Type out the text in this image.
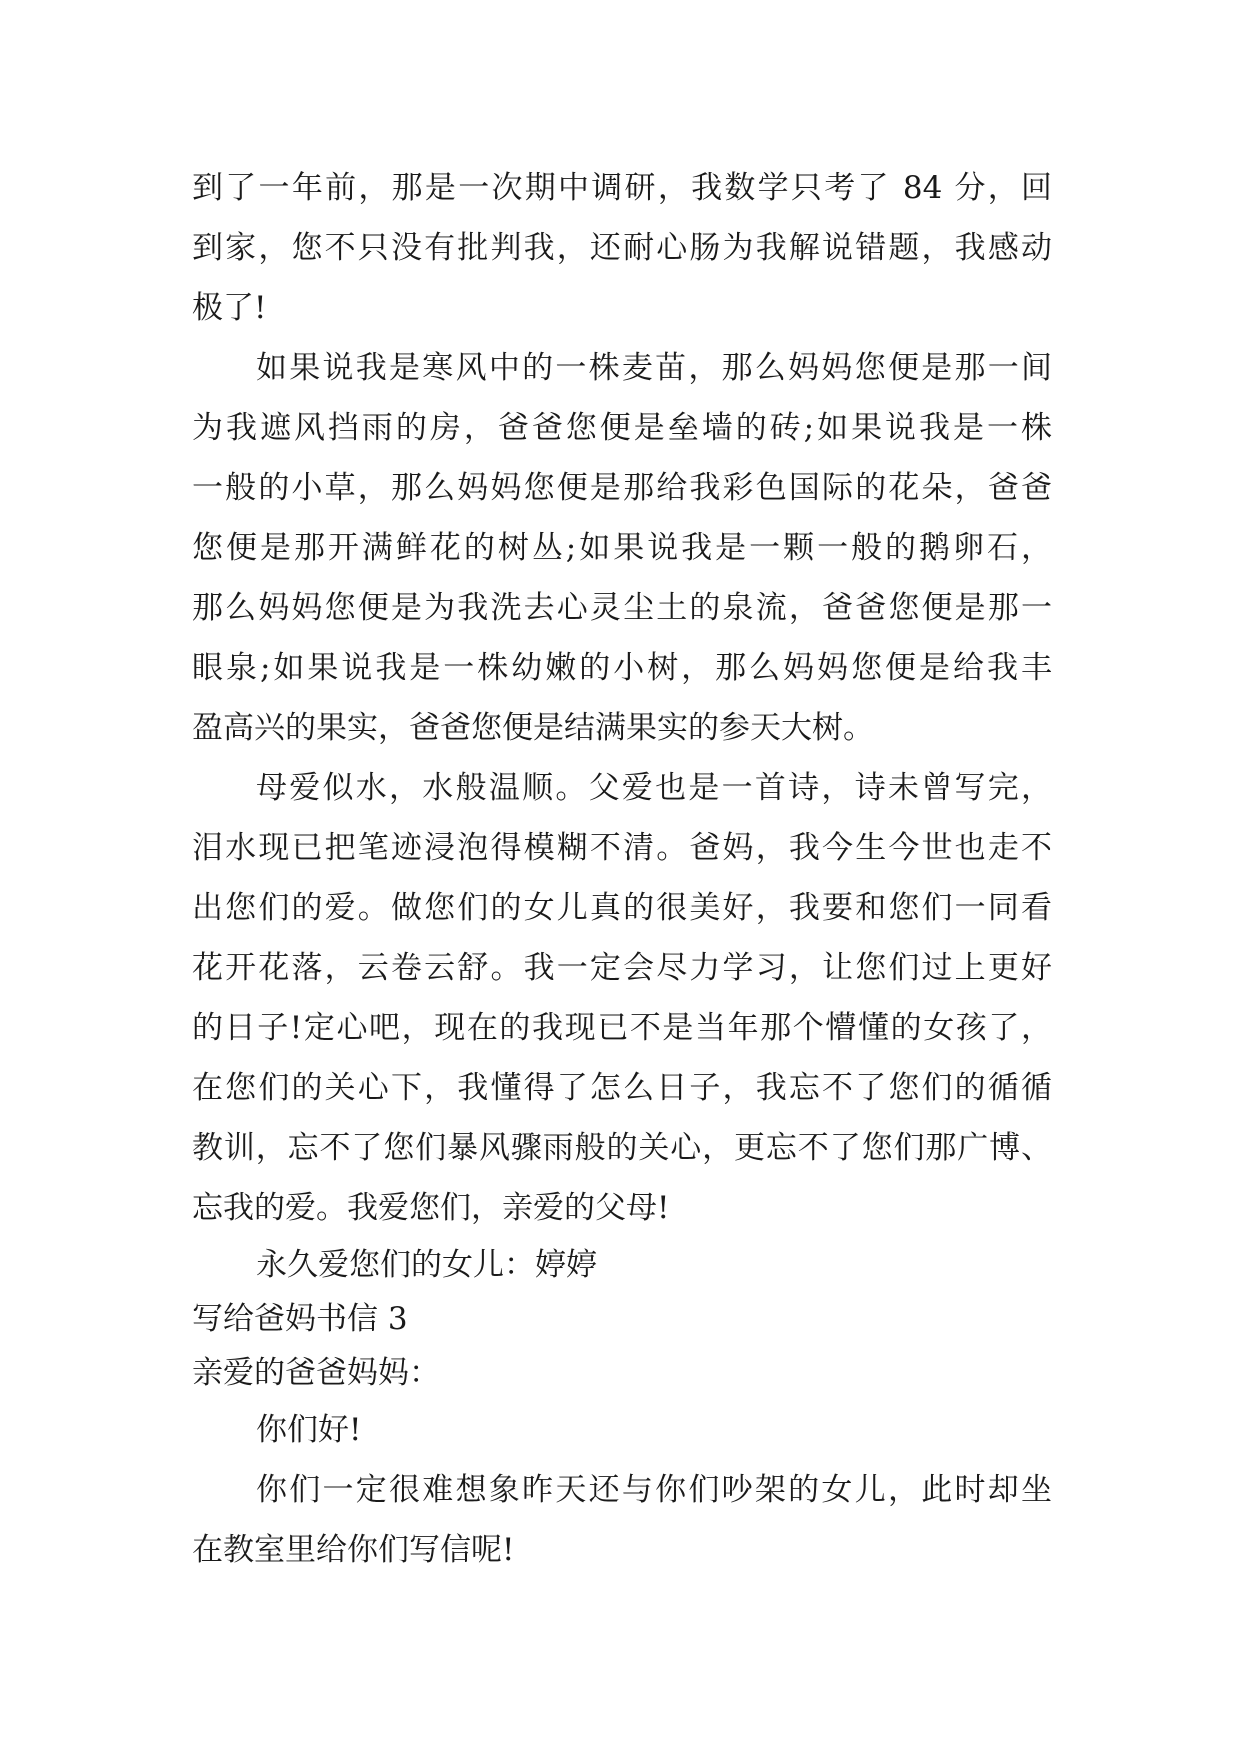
到了一年前，那是一次期中调研，我数学只考了 84 分，回
到家，您不只没有批判我，还耐心肠为我解说错题，我感动
极了!
如果说我是寒风中的一株麦苗，那么妈妈您便是那一间
为我遮风挡雨的房，爸爸您便是垒墙的砖;如果说我是一株
一般的小草，那么妈妈您便是那给我彩色国际的花朵，爸爸
您便是那开满鲜花的树丛;如果说我是一颗一般的鹅卵石，
那么妈妈您便是为我洗去心灵尘土的泉流，爸爸您便是那一
眼泉;如果说我是一株幼嫩的小树，那么妈妈您便是给我丰
盈高兴的果实，爸爸您便是结满果实的参天大树。
母爱似水，水般温顺。父爱也是一首诗，诗未曾写完，
泪水现已把笔迹浸泡得模糊不清。爸妈，我今生今世也走不
出您们的爱。做您们的女儿真的很美好，我要和您们一同看
花开花落，云卷云舒。我一定会尽力学习，让您们过上更好
的日子!定心吧，现在的我现已不是当年那个懵懂的女孩了，
在您们的关心下，我懂得了怎么日子，我忘不了您们的循循
教训，忘不了您们暴风骤雨般的关心，更忘不了您们那广博、
忘我的爱。我爱您们，亲爱的父母!
永久爱您们的女儿：婷婷
写给爸妈书信 3
亲爱的爸爸妈妈：
你们好!
你们一定很难想象昨天还与你们吵架的女儿，此时却坐
在教室里给你们写信呢!
